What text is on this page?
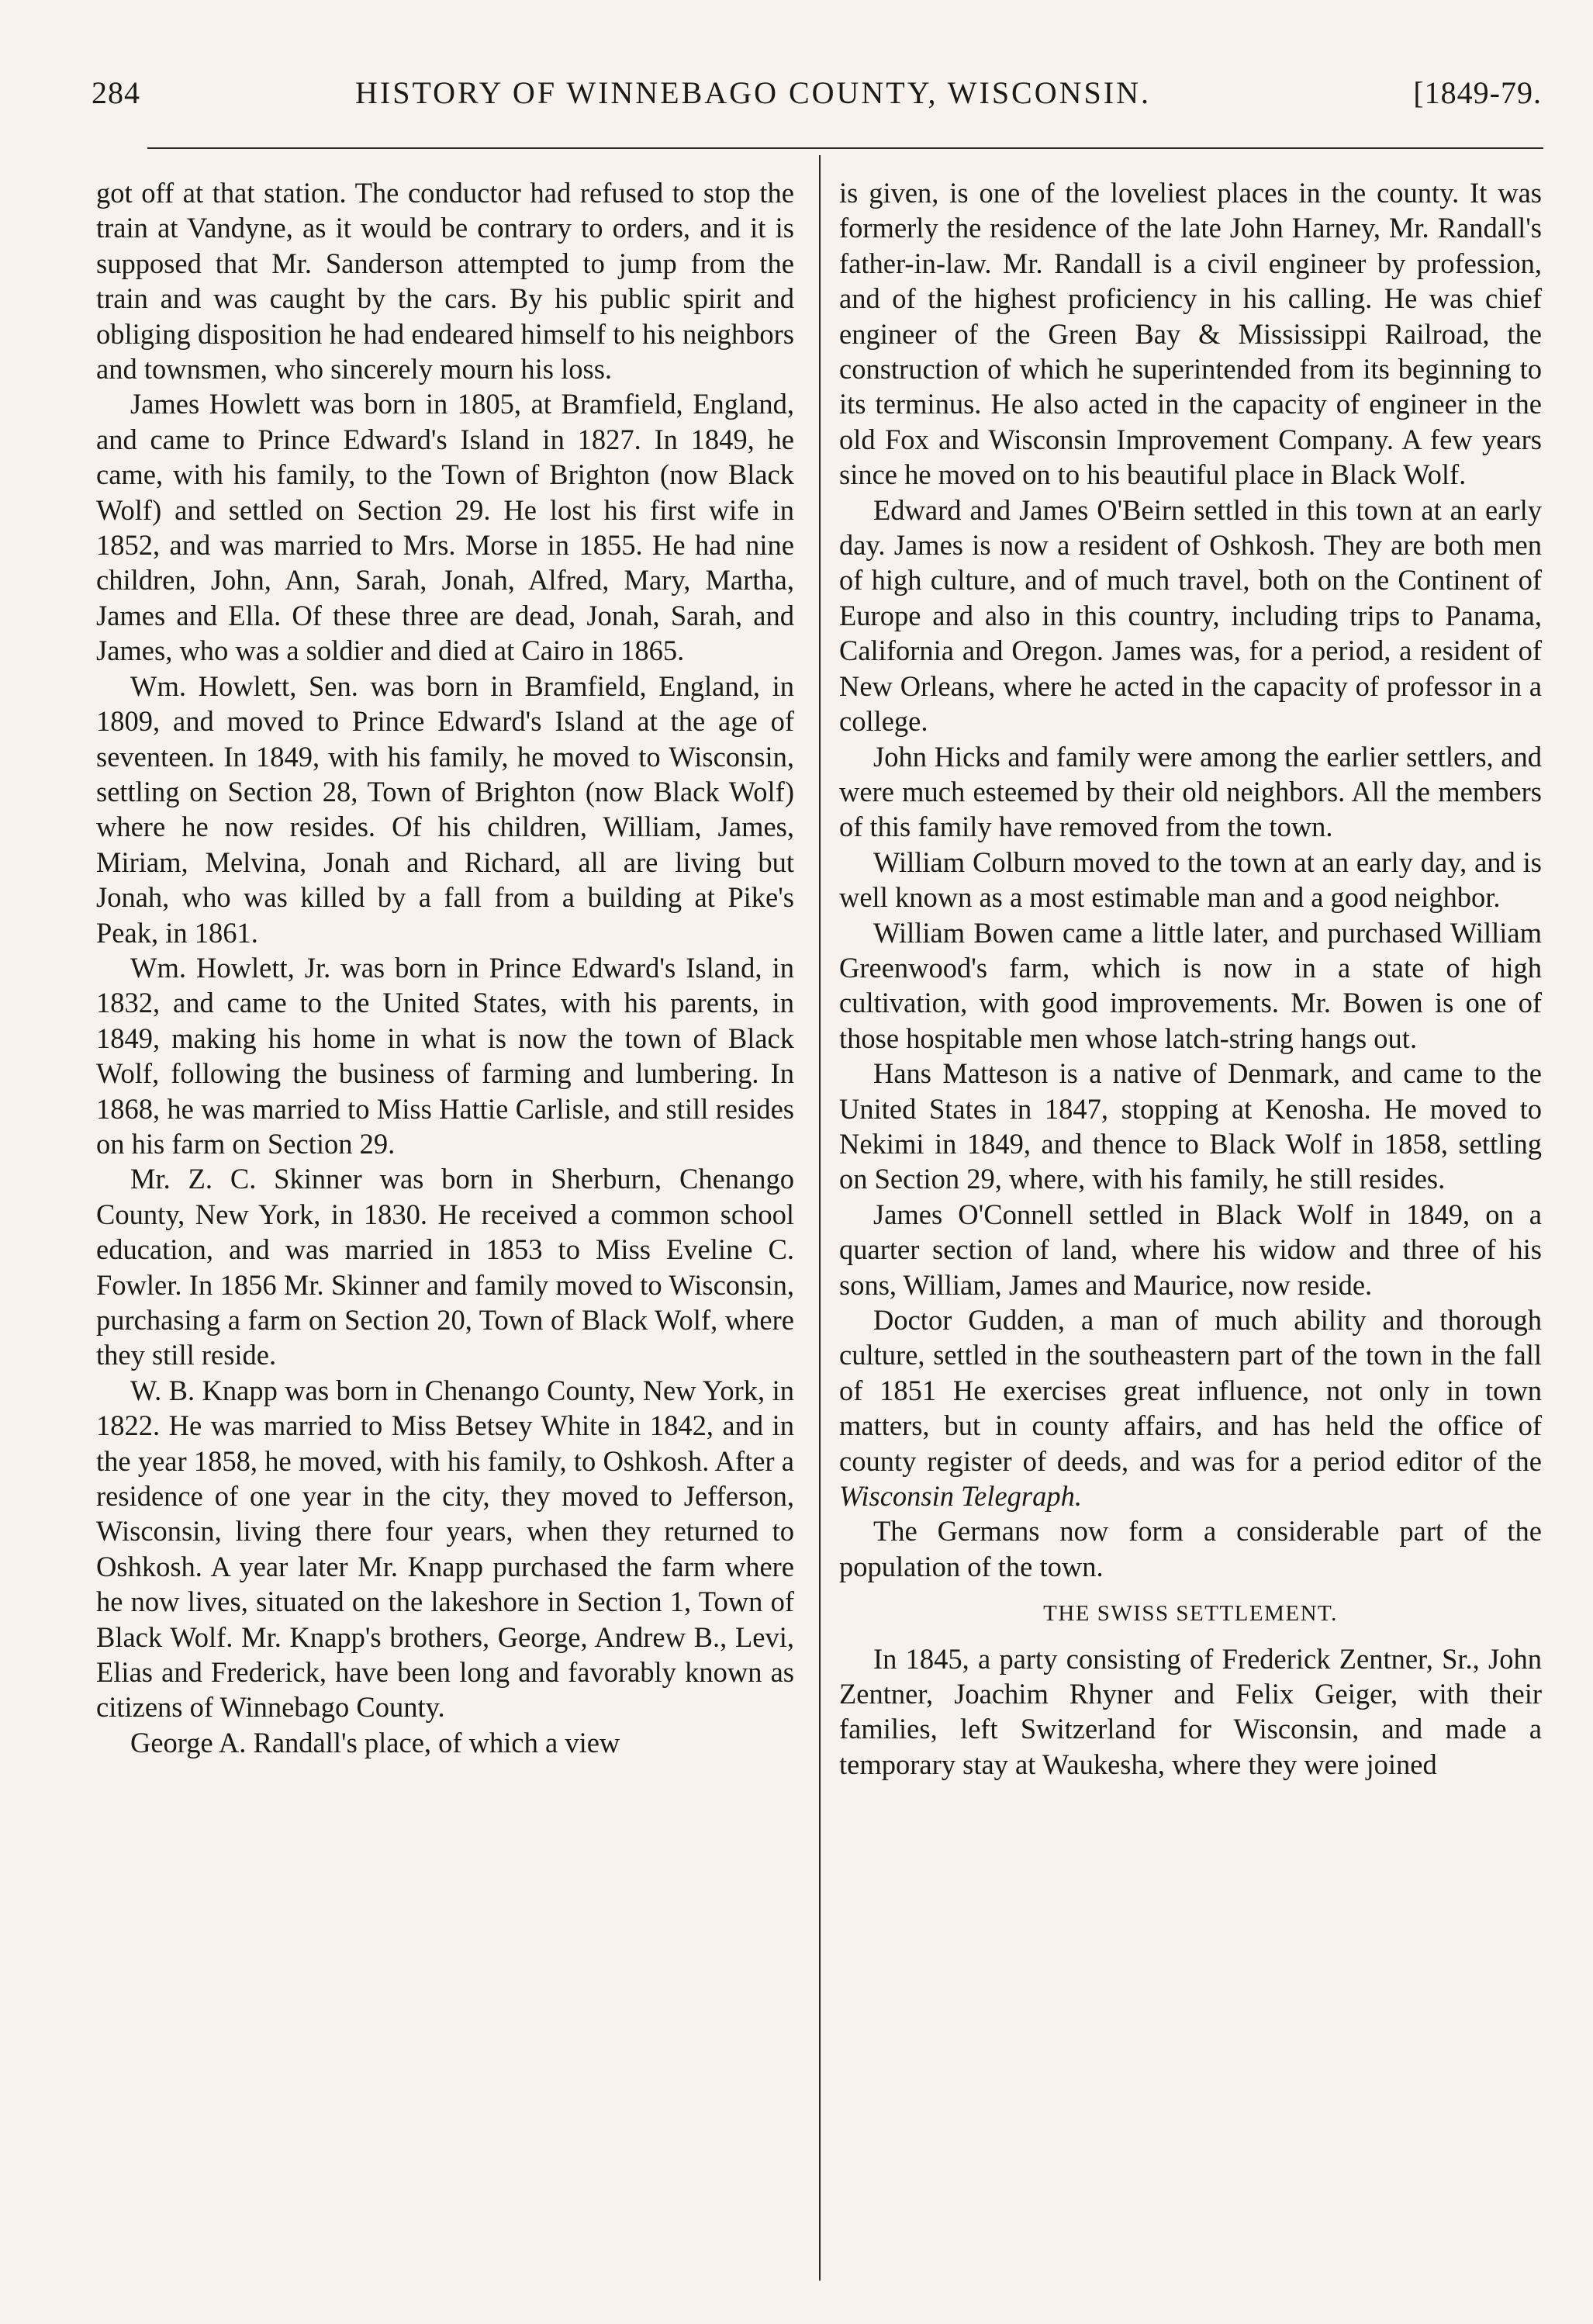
284	HISTORY OF WINNEBAGO COUNTY, WISCONSIN.	[1849-79.

got off at that station. The conductor had refused to stop the train at Vandyne, as it would be contrary to orders, and it is supposed that Mr. Sanderson attempted to jump from the train and was caught by the cars. By his public spirit and obliging disposition he had endeared himself to his neighbors and townsmen, who sincerely mourn his loss.

James Howlett was born in 1805, at Bramfield, England, and came to Prince Edward's Island in 1827. In 1849, he came, with his family, to the Town of Brighton (now Black Wolf) and settled on Section 29. He lost his first wife in 1852, and was married to Mrs. Morse in 1855. He had nine children, John, Ann, Sarah, Jonah, Alfred, Mary, Martha, James and Ella. Of these three are dead, Jonah, Sarah, and James, who was a soldier and died at Cairo in 1865.

Wm. Howlett, Sen. was born in Bramfield, England, in 1809, and moved to Prince Edward's Island at the age of seventeen. In 1849, with his family, he moved to Wisconsin, settling on Section 28, Town of Brighton (now Black Wolf) where he now resides. Of his children, William, James, Miriam, Melvina, Jonah and Richard, all are living but Jonah, who was killed by a fall from a building at Pike's Peak, in 1861.

Wm. Howlett, Jr. was born in Prince Edward's Island, in 1832, and came to the United States, with his parents, in 1849, making his home in what is now the town of Black Wolf, following the business of farming and lumbering. In 1868, he was married to Miss Hattie Carlisle, and still resides on his farm on Section 29.

Mr. Z. C. Skinner was born in Sherburn, Chenango County, New York, in 1830. He received a common school education, and was married in 1853 to Miss Eveline C. Fowler. In 1856 Mr. Skinner and family moved to Wisconsin, purchasing a farm on Section 20, Town of Black Wolf, where they still reside.

W. B. Knapp was born in Chenango County, New York, in 1822. He was married to Miss Betsey White in 1842, and in the year 1858, he moved, with his family, to Oshkosh. After a residence of one year in the city, they moved to Jefferson, Wisconsin, living there four years, when they returned to Oshkosh. A year later Mr. Knapp purchased the farm where he now lives, situated on the lakeshore in Section 1, Town of Black Wolf. Mr. Knapp's brothers, George, Andrew B., Levi, Elias and Frederick, have been long and favorably known as citizens of Winnebago County.

George A. Randall's place, of which a view

is given, is one of the loveliest places in the county. It was formerly the residence of the late John Harney, Mr. Randall's father-in-law. Mr. Randall is a civil engineer by profession, and of the highest proficiency in his calling. He was chief engineer of the Green Bay & Mississippi Railroad, the construction of which he superintended from its beginning to its terminus. He also acted in the capacity of engineer in the old Fox and Wisconsin Improvement Company. A few years since he moved on to his beautiful place in Black Wolf.

Edward and James O'Beirn settled in this town at an early day. James is now a resident of Oshkosh. They are both men of high culture, and of much travel, both on the Continent of Europe and also in this country, including trips to Panama, California and Oregon. James was, for a period, a resident of New Orleans, where he acted in the capacity of professor in a college.

John Hicks and family were among the earlier settlers, and were much esteemed by their old neighbors. All the members of this family have removed from the town.

William Colburn moved to the town at an early day, and is well known as a most estimable man and a good neighbor.

William Bowen came a little later, and purchased William Greenwood's farm, which is now in a state of high cultivation, with good improvements. Mr. Bowen is one of those hospitable men whose latch-string hangs out.

Hans Matteson is a native of Denmark, and came to the United States in 1847, stopping at Kenosha. He moved to Nekimi in 1849, and thence to Black Wolf in 1858, settling on Section 29, where, with his family, he still resides.

James O'Connell settled in Black Wolf in 1849, on a quarter section of land, where his widow and three of his sons, William, James and Maurice, now reside.

Doctor Gudden, a man of much ability and thorough culture, settled in the southeastern part of the town in the fall of 1851 He exercises great influence, not only in town matters, but in county affairs, and has held the office of county register of deeds, and was for a period editor of the Wisconsin Telegraph.

The Germans now form a considerable part of the population of the town.

THE SWISS SETTLEMENT.

In 1845, a party consisting of Frederick Zentner, Sr., John Zentner, Joachim Rhyner and Felix Geiger, with their families, left Switzerland for Wisconsin, and made a temporary stay at Waukesha, where they were joined
